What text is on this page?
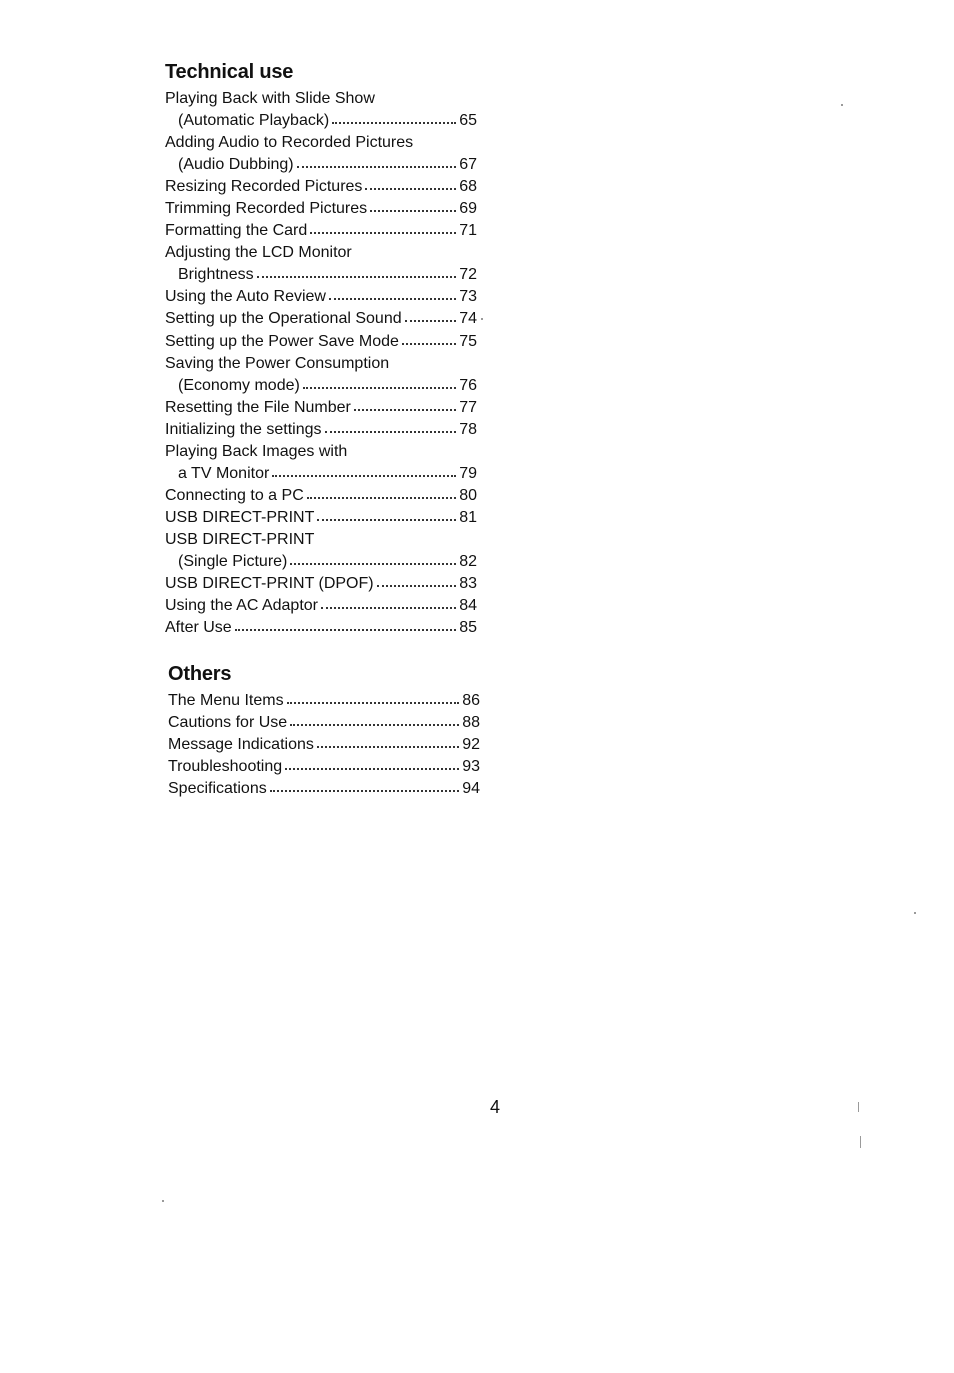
Technical use
Playing Back with Slide Show
(Automatic Playback)	65
Adding Audio to Recorded Pictures
(Audio Dubbing)	67
Resizing Recorded Pictures	68
Trimming Recorded Pictures	69
Formatting the Card	71
Adjusting the LCD Monitor
Brightness	72
Using the Auto Review	73
Setting up the Operational Sound	74
Setting up the Power Save Mode	75
Saving the Power Consumption
(Economy mode)	76
Resetting the File Number	77
Initializing the settings	78
Playing Back Images with
a TV Monitor	79
Connecting to a PC	80
USB DIRECT-PRINT	81
USB DIRECT-PRINT
(Single Picture)	82
USB DIRECT-PRINT (DPOF)	83
Using the AC Adaptor	84
After Use	85
Others
The Menu Items	86
Cautions for Use	88
Message Indications	92
Troubleshooting	93
Specifications	94
4
